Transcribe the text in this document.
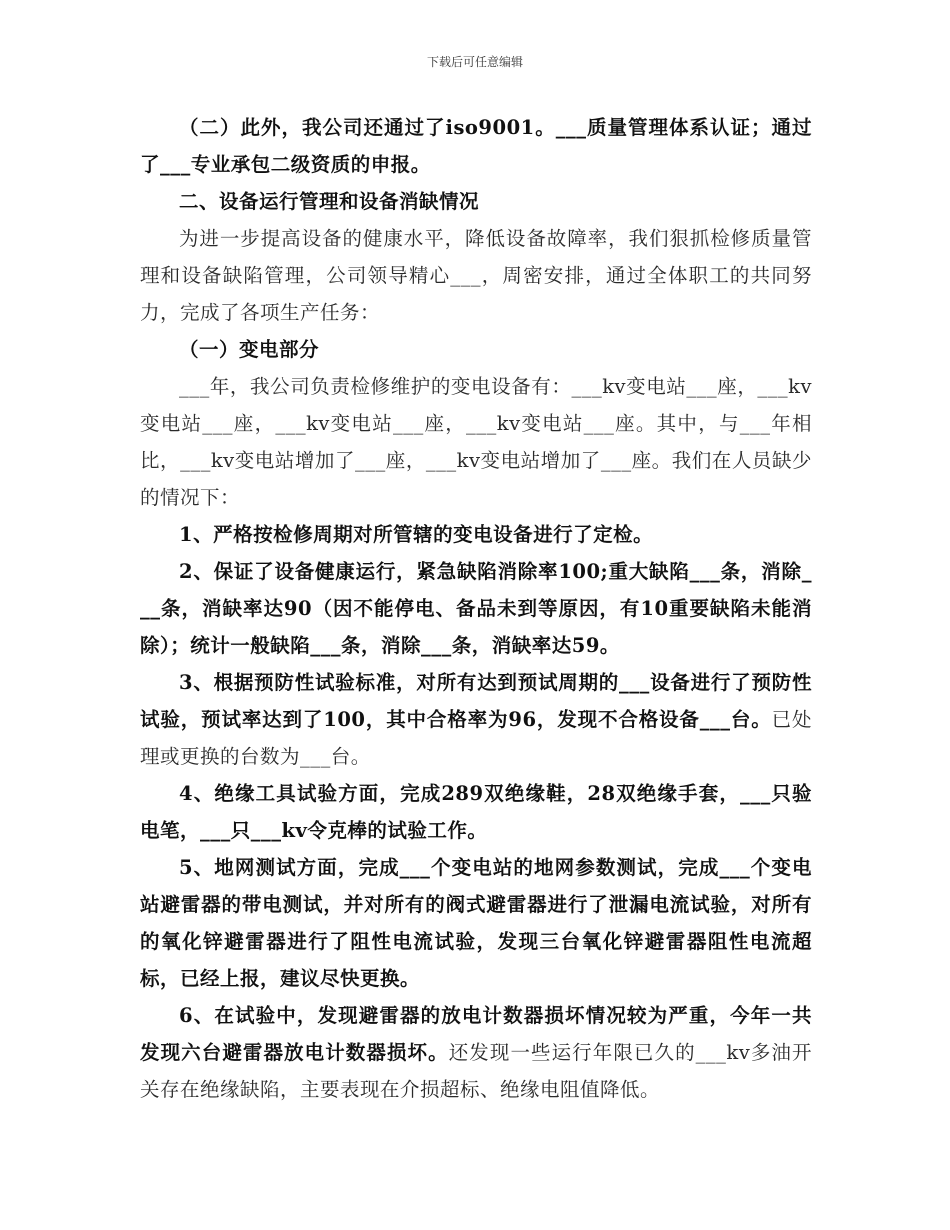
下载后可任意编辑

（二）此外，我公司还通过了iso9001。___质量管理体系认证；通过了___专业承包二级资质的申报。

二、设备运行管理和设备消缺情况

为进一步提高设备的健康水平，降低设备故障率，我们狠抓检修质量管理和设备缺陷管理，公司领导精心___，周密安排，通过全体职工的共同努力，完成了各项生产任务：

（一）变电部分

___年，我公司负责检修维护的变电设备有：___kv变电站___座，___kv变电站___座，___kv变电站___座，___kv变电站___座。其中，与___年相比，___kv变电站增加了___座，___kv变电站增加了___座。我们在人员缺少的情况下：

1、严格按检修周期对所管辖的变电设备进行了定检。

2、保证了设备健康运行，紧急缺陷消除率100;重大缺陷___条，消除___条，消缺率达90（因不能停电、备品未到等原因，有10重要缺陷未能消除）；统计一般缺陷___条，消除___条，消缺率达59。

3、根据预防性试验标准，对所有达到预试周期的___设备进行了预防性试验，预试率达到了100，其中合格率为96，发现不合格设备___台。已处理或更换的台数为___台。

4、绝缘工具试验方面，完成289双绝缘鞋，28双绝缘手套，___只验电笔，___只___kv令克棒的试验工作。

5、地网测试方面，完成___个变电站的地网参数测试，完成___个变电站避雷器的带电测试，并对所有的阀式避雷器进行了泄漏电流试验，对所有的氧化锌避雷器进行了阻性电流试验，发现三台氧化锌避雷器阻性电流超标，已经上报，建议尽快更换。

6、在试验中，发现避雷器的放电计数器损坏情况较为严重，今年一共发现六台避雷器放电计数器损坏。还发现一些运行年限已久的___kv多油开关存在绝缘缺陷，主要表现在介损超标、绝缘电阻值降低。
